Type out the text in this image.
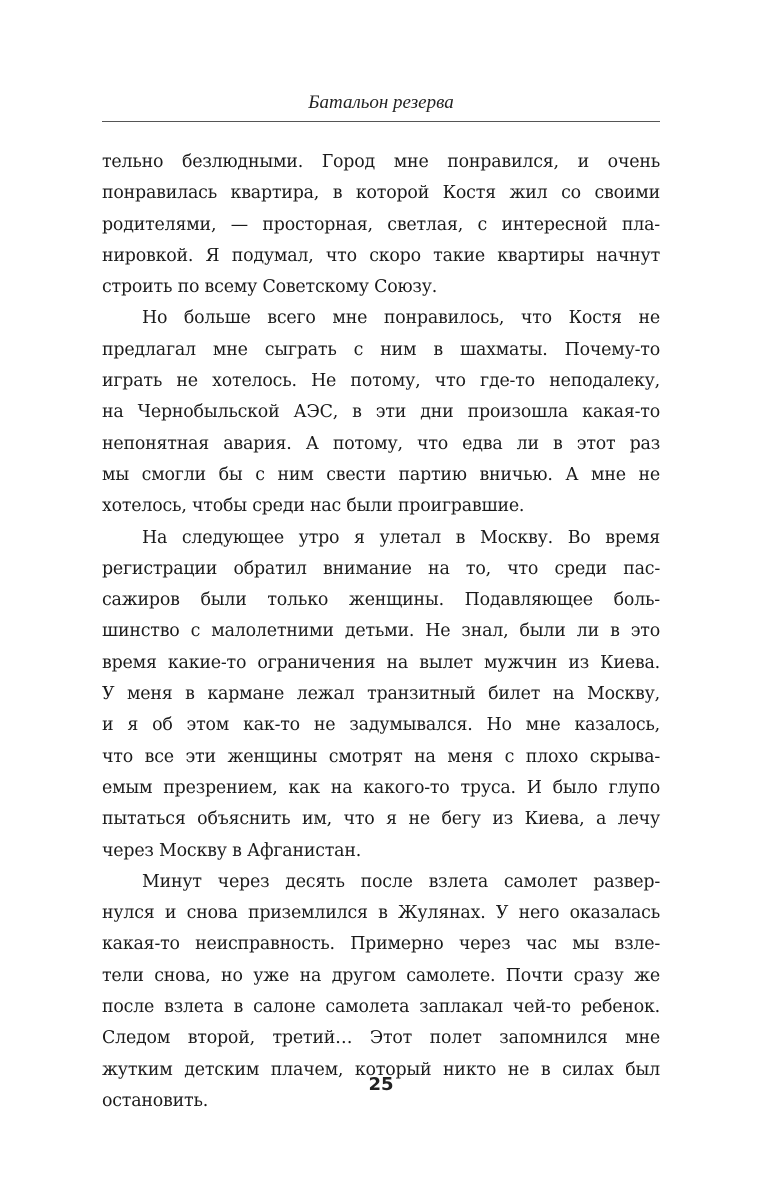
Батальон резерва
тельно безлюдными. Город мне понравился, и очень
понравилась квартира, в которой Костя жил со своими
родителями, — просторная, светлая, с интересной пла-
нировкой. Я подумал, что скоро такие квартиры начнут
строить по всему Советскому Союзу.
Но больше всего мне понравилось, что Костя не
предлагал мне сыграть с ним в шахматы. Почему-то
играть не хотелось. Не потому, что где-то неподалеку,
на Чернобыльской АЭС, в эти дни произошла какая-то
непонятная авария. А потому, что едва ли в этот раз
мы смогли бы с ним свести партию вничью. А мне не
хотелось, чтобы среди нас были проигравшие.
На следующее утро я улетал в Москву. Во время
регистрации обратил внимание на то, что среди пас-
сажиров были только женщины. Подавляющее боль-
шинство с малолетними детьми. Не знал, были ли в это
время какие-то ограничения на вылет мужчин из Киева.
У меня в кармане лежал транзитный билет на Москву,
и я об этом как-то не задумывался. Но мне казалось,
что все эти женщины смотрят на меня с плохо скрыва-
емым презрением, как на какого-то труса. И было глупо
пытаться объяснить им, что я не бегу из Киева, а лечу
через Москву в Афганистан.
Минут через десять после взлета самолет развер-
нулся и снова приземлился в Жулянах. У него оказалась
какая-то неисправность. Примерно через час мы взле-
тели снова, но уже на другом самолете. Почти сразу же
после взлета в салоне самолета заплакал чей-то ребенок.
Следом второй, третий… Этот полет запомнился мне
жутким детским плачем, который никто не в силах был
остановить.
25
